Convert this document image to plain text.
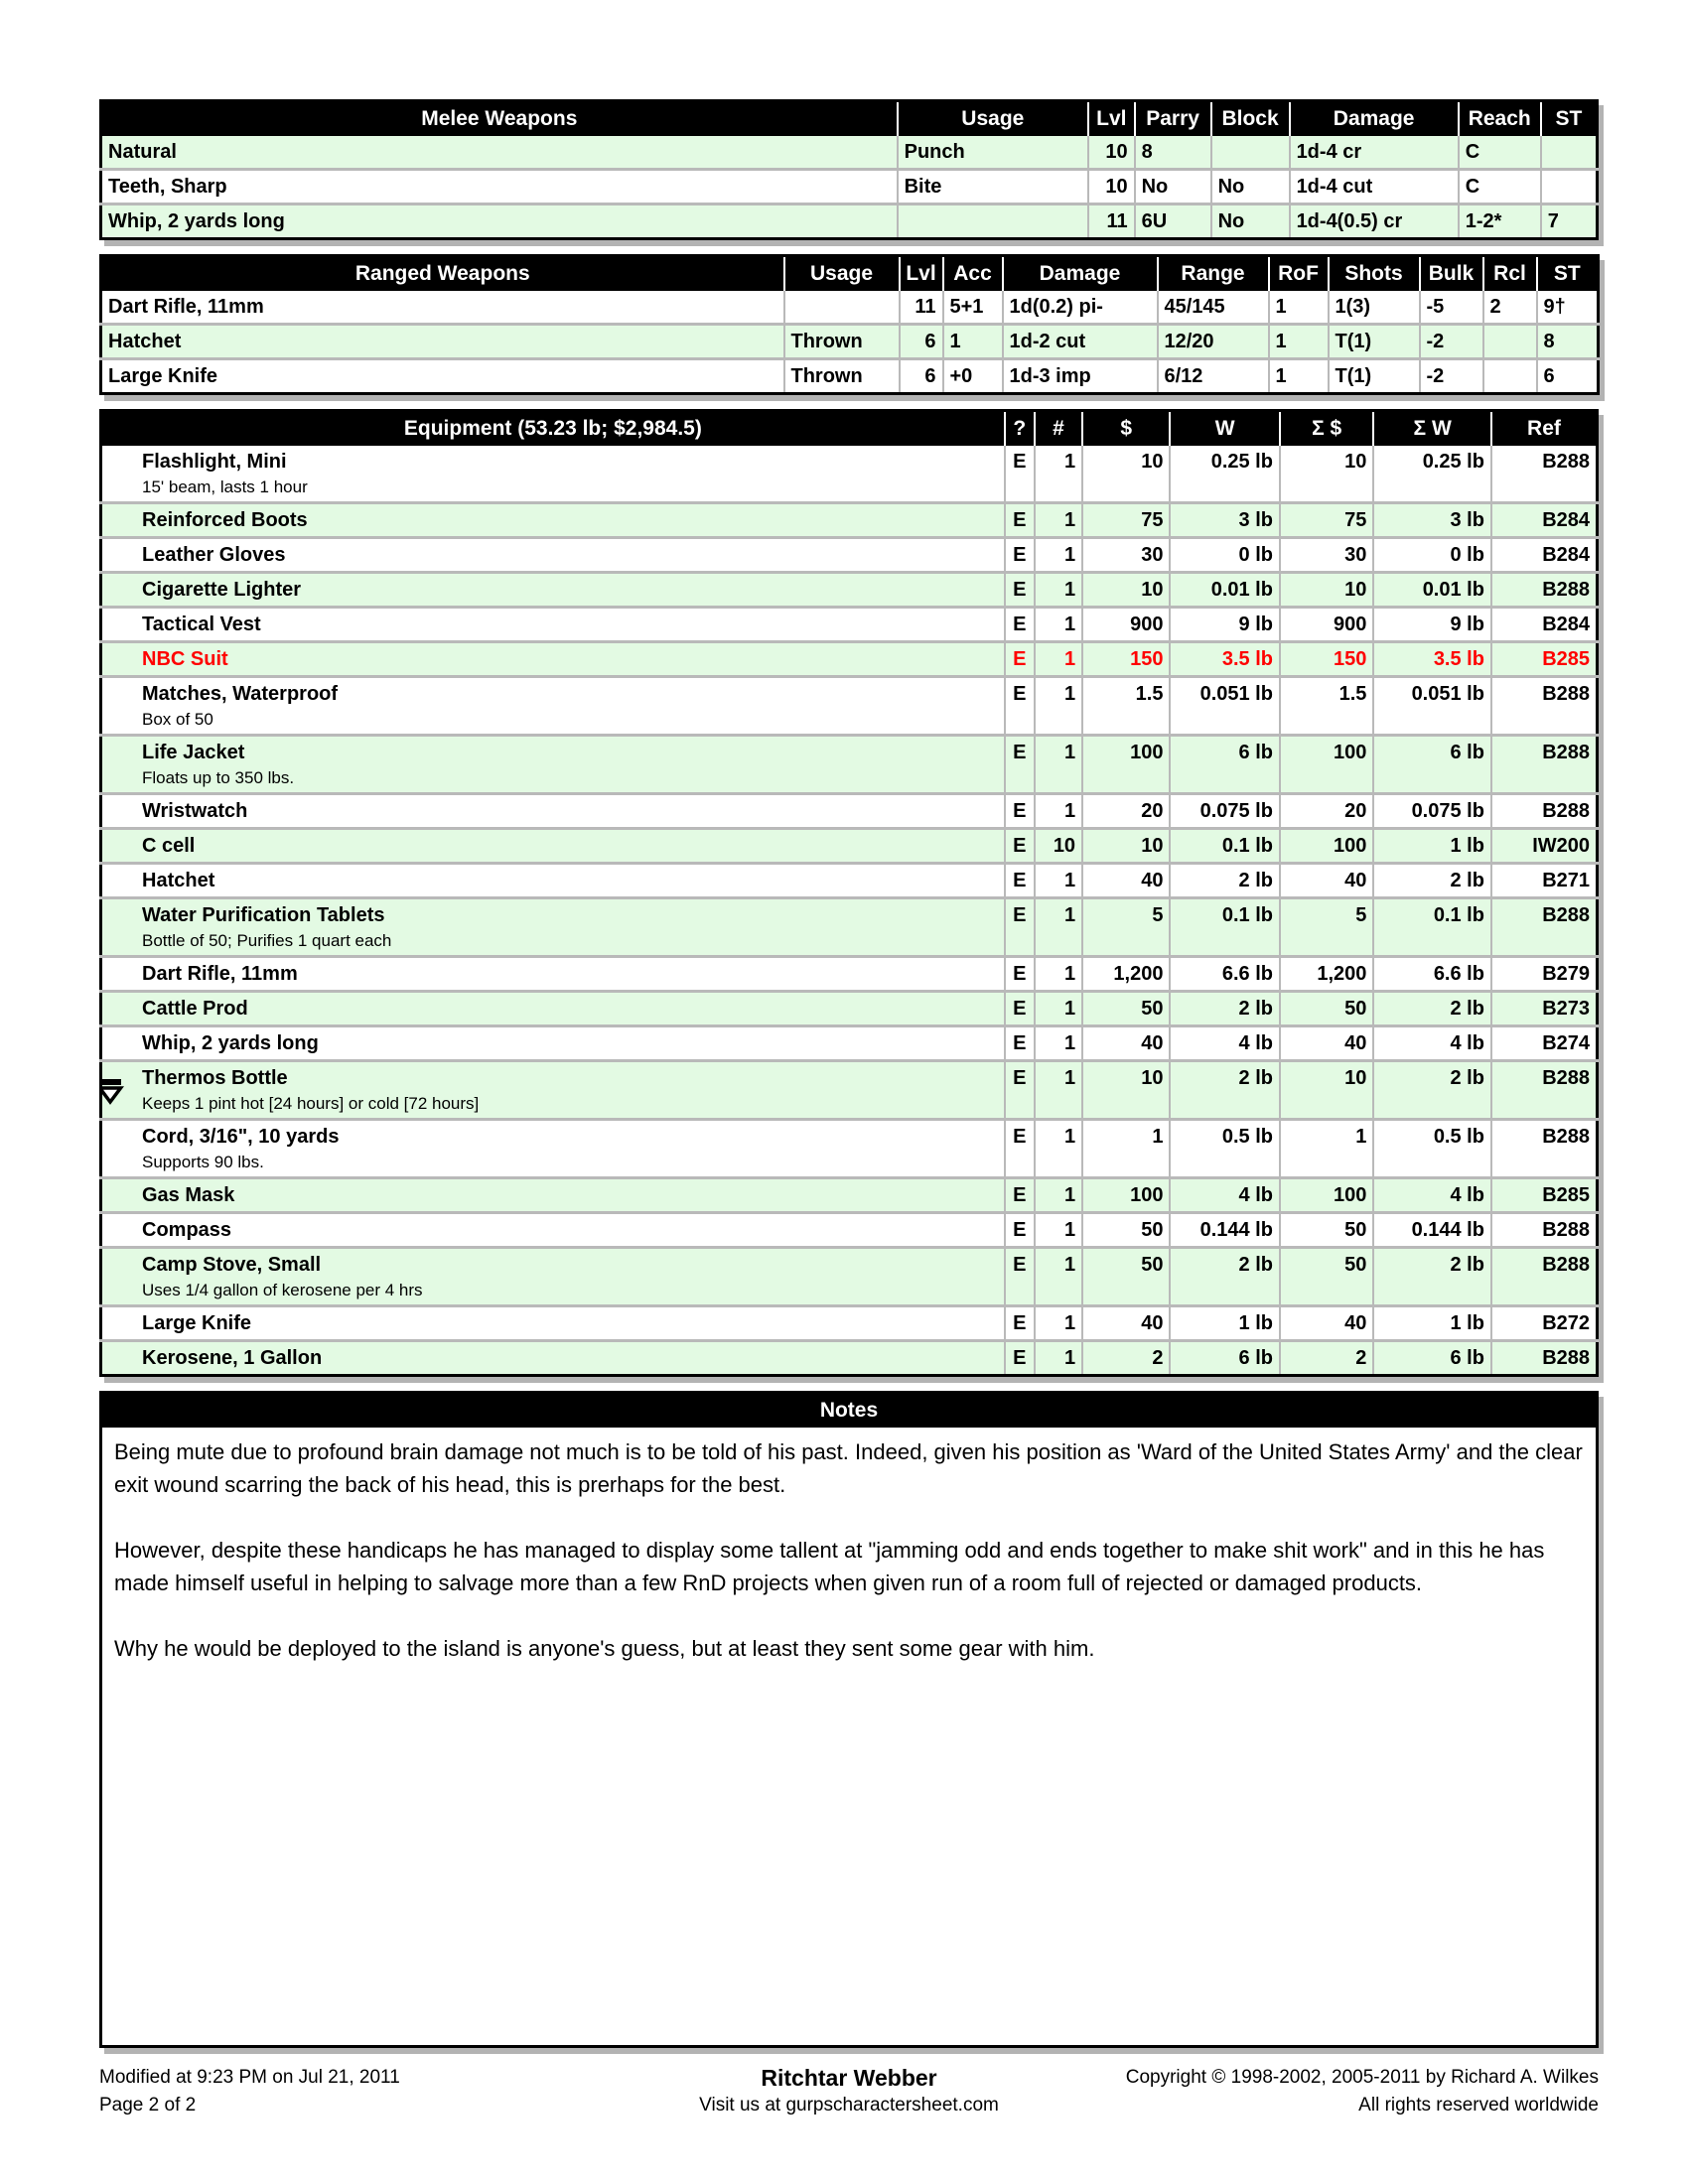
Melee Weapons	Usage	Lvl	Parry	Block	Damage	Reach	ST
Natural	Punch	10	8		1d-4 cr	C	
Teeth, Sharp	Bite	10	No	No	1d-4 cut	C	
Whip, 2 yards long		11	6U	No	1d-4(0.5) cr	1-2*	7
Ranged Weapons	Usage	Lvl	Acc	Damage	Range	RoF	Shots	Bulk	Rcl	ST
Dart Rifle, 11mm		11	5+1	1d(0.2) pi-	45/145	1	1(3)	-5	2	9†
Hatchet	Thrown	6	1	1d-2 cut	12/20	1	T(1)	-2		8
Large Knife	Thrown	6	+0	1d-3 imp	6/12	1	T(1)	-2		6
Equipment (53.23 lb; $2,984.5)	?	#	$	W	Σ $	Σ W	Ref

Flashlight, Mini
15' beam, lasts 1 hour	E	1	10	0.25 lb	10	0.25 lb	B288

Reinforced Boots	E	1	75	3 lb	75	3 lb	B284

Leather Gloves	E	1	30	0 lb	30	0 lb	B284

Cigarette Lighter	E	1	10	0.01 lb	10	0.01 lb	B288

Tactical Vest	E	1	900	9 lb	900	9 lb	B284

NBC Suit	E	1	150	3.5 lb	150	3.5 lb	B285

Matches, Waterproof
Box of 50	E	1	1.5	0.051 lb	1.5	0.051 lb	B288

Life Jacket
Floats up to 350 lbs.	E	1	100	6 lb	100	6 lb	B288

Wristwatch	E	1	20	0.075 lb	20	0.075 lb	B288

C cell	E	10	10	0.1 lb	100	1 lb	IW200

Hatchet	E	1	40	2 lb	40	2 lb	B271

Water Purification Tablets
Bottle of 50; Purifies 1 quart each	E	1	5	0.1 lb	5	0.1 lb	B288

Dart Rifle, 11mm	E	1	1,200	6.6 lb	1,200	6.6 lb	B279

Cattle Prod	E	1	50	2 lb	50	2 lb	B273

Whip, 2 yards long	E	1	40	4 lb	40	4 lb	B274

Thermos Bottle
Keeps 1 pint hot [24 hours] or cold [72 hours]	E	1	10	2 lb	10	2 lb	B288

Cord, 3/16", 10 yards
Supports 90 lbs.	E	1	1	0.5 lb	1	0.5 lb	B288

Gas Mask	E	1	100	4 lb	100	4 lb	B285

Compass	E	1	50	0.144 lb	50	0.144 lb	B288

Camp Stove, Small
Uses 1/4 gallon of kerosene per 4 hrs	E	1	50	2 lb	50	2 lb	B288

Large Knife	E	1	40	1 lb	40	1 lb	B272

Kerosene, 1 Gallon	E	1	2	6 lb	2	6 lb	B288
Notes

Being mute due to profound brain damage not much is to be told of his past. Indeed, given his position as 'Ward of the United States Army' and the clear exit wound scarring the back of his head, this is prerhaps for the best.

However, despite these handicaps he has managed to display some tallent at "jamming odd and ends together to make shit work" and in this he has made himself useful in helping to salvage more than a few RnD projects when given run of a room full of rejected or damaged products.

Why he would be deployed to the island is anyone's guess, but at least they sent some gear with him.

Modified at 9:23 PM on Jul 21, 2011
Page 2 of 2
Ritchtar Webber
Visit us at gurpscharactersheet.com
Copyright © 1998-2002, 2005-2011 by Richard A. Wilkes
All rights reserved worldwide
